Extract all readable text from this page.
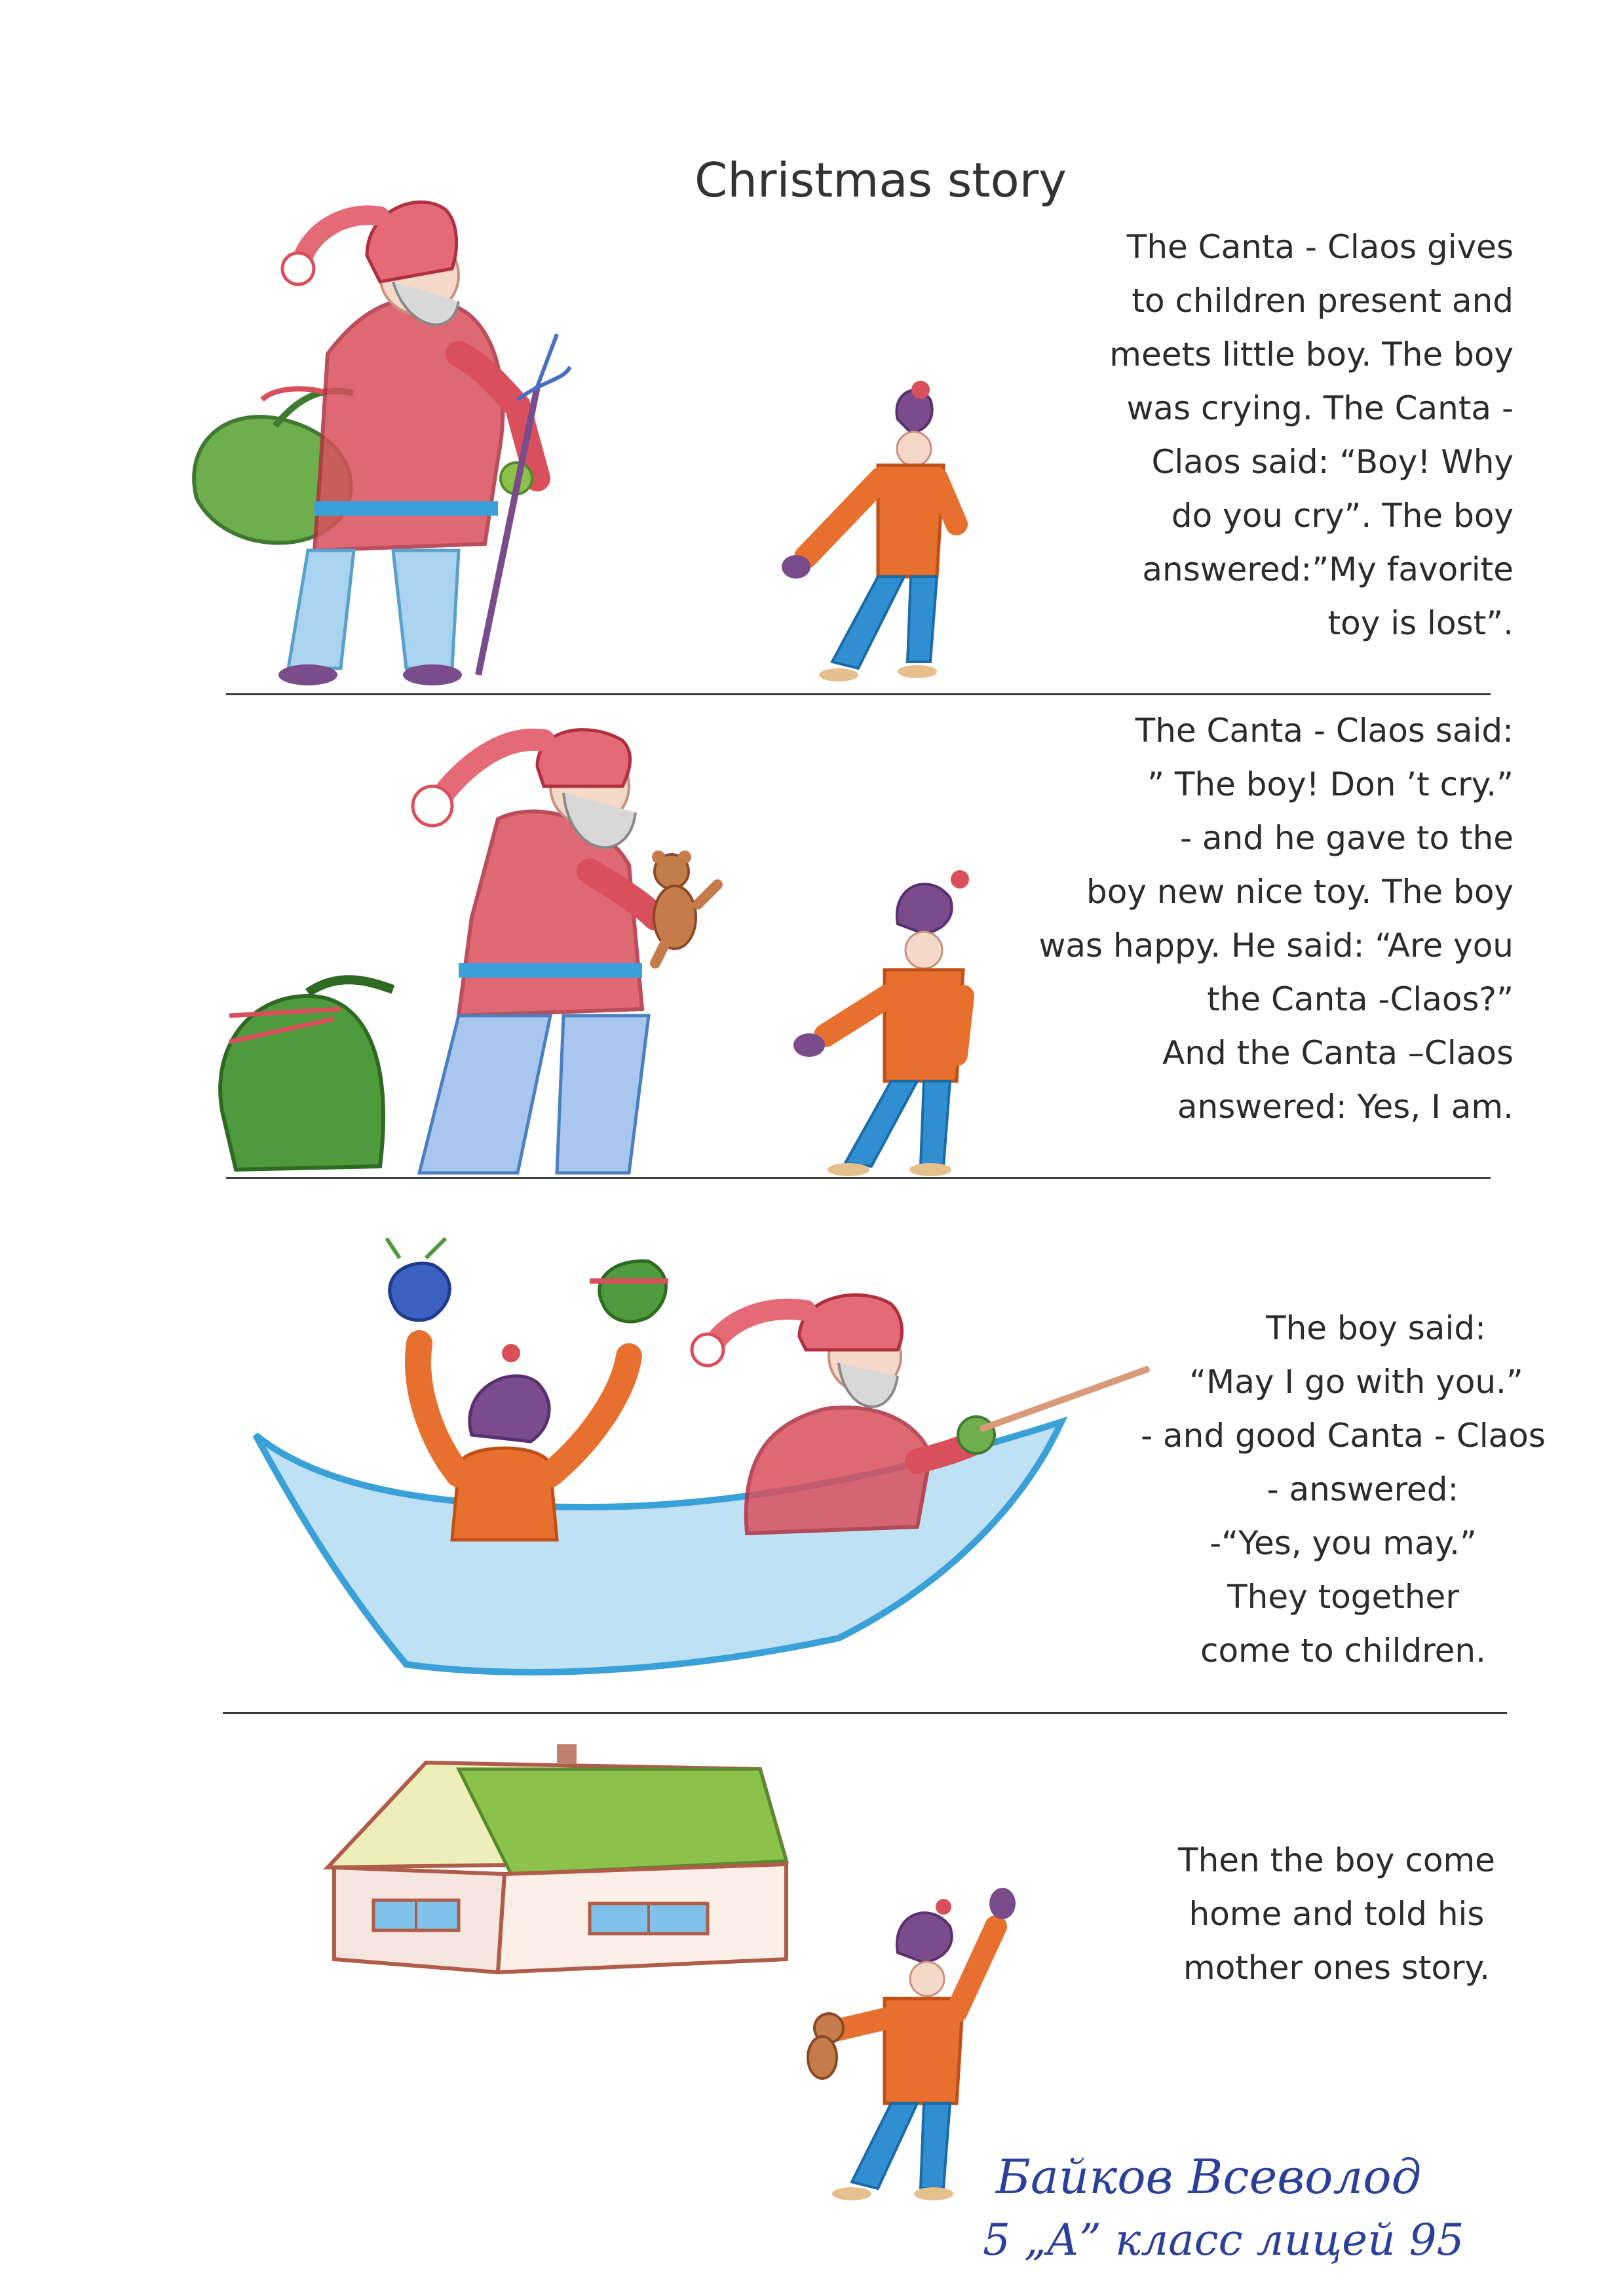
Christmas story
The Canta - Claos gives
to children present and
meets little boy. The boy
was crying. The Canta -
Claos said: “Boy! Why
do you cry”. The boy
answered:”My favorite
toy is lost”.
The Canta - Claos said:
” The boy! Don ’t cry.”
- and he gave to the
boy new nice toy. The boy
was happy. He said: “Are you
the Canta -Claos?”
And the Canta –Claos
answered: Yes, I am.
The boy said:
“May I go with you.”
- and good Canta - Claos
- answered:
-“Yes, you may.”
They together
come to children.
Then the boy come
home and told his
mother ones story.
Байков Всеволод
5 „А” класс лицей 95
